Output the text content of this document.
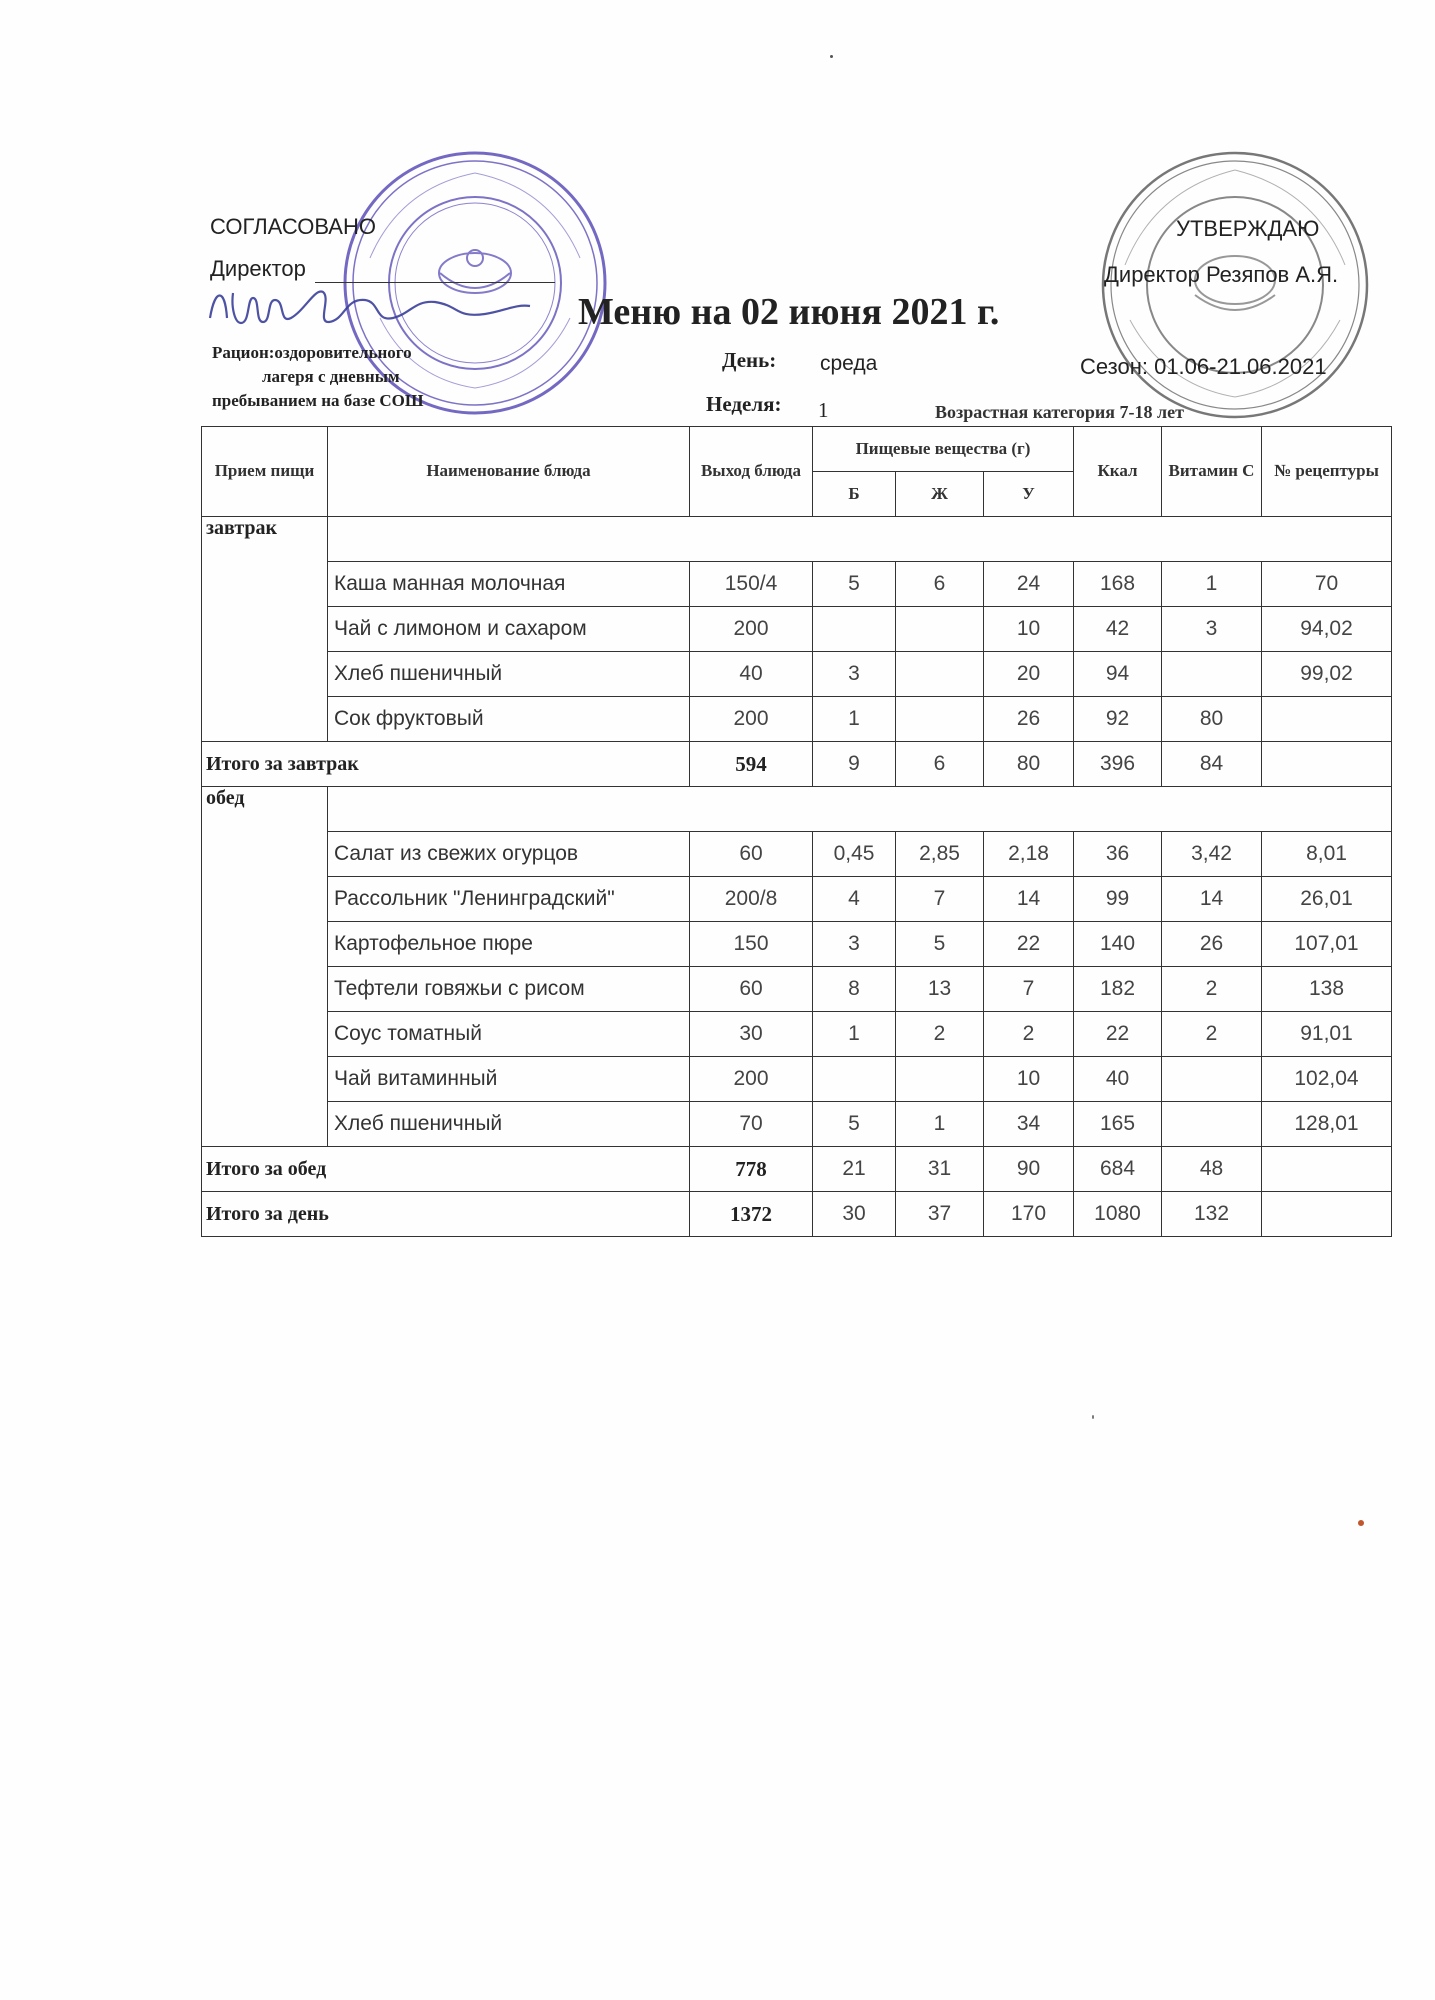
СОГЛАСОВАНО
Директор
Рацион:оздоровительного
лагеря с дневным
пребыванием на базе СОШ
Меню на 02 июня 2021 г.
День: среда
Неделя: 1	Возрастная категория 7-18 лет
УТВЕРЖДАЮ
Директор Резяпов А.Я.
Сезон: 01.06-21.06.2021
Прием пищи	Наименование блюда	Выход блюда	Пищевые вещества (г)			Ккал	Витамин С	№ рецептуры
			Б	Ж	У			
завтрак								
	Каша манная молочная	150/4	5	6	24	168	1	70
	Чай с лимоном и сахаром	200			10	42	3	94,02
	Хлеб пшеничный	40	3		20	94		99,02
	Сок фруктовый	200	1		26	92	80	
Итого за завтрак		594	9	6	80	396	84	
обед								
	Салат из свежих огурцов	60	0,45	2,85	2,18	36	3,42	8,01
	Рассольник "Ленинградский"	200/8	4	7	14	99	14	26,01
	Картофельное пюре	150	3	5	22	140	26	107,01
	Тефтели говяжьи с рисом	60	8	13	7	182	2	138
	Соус томатный	30	1	2	2	22	2	91,01
	Чай витаминный	200			10	40		102,04
	Хлеб пшеничный	70	5	1	34	165		128,01
Итого за обед		778	21	31	90	684	48	
Итого за день		1372	30	37	170	1080	132	
